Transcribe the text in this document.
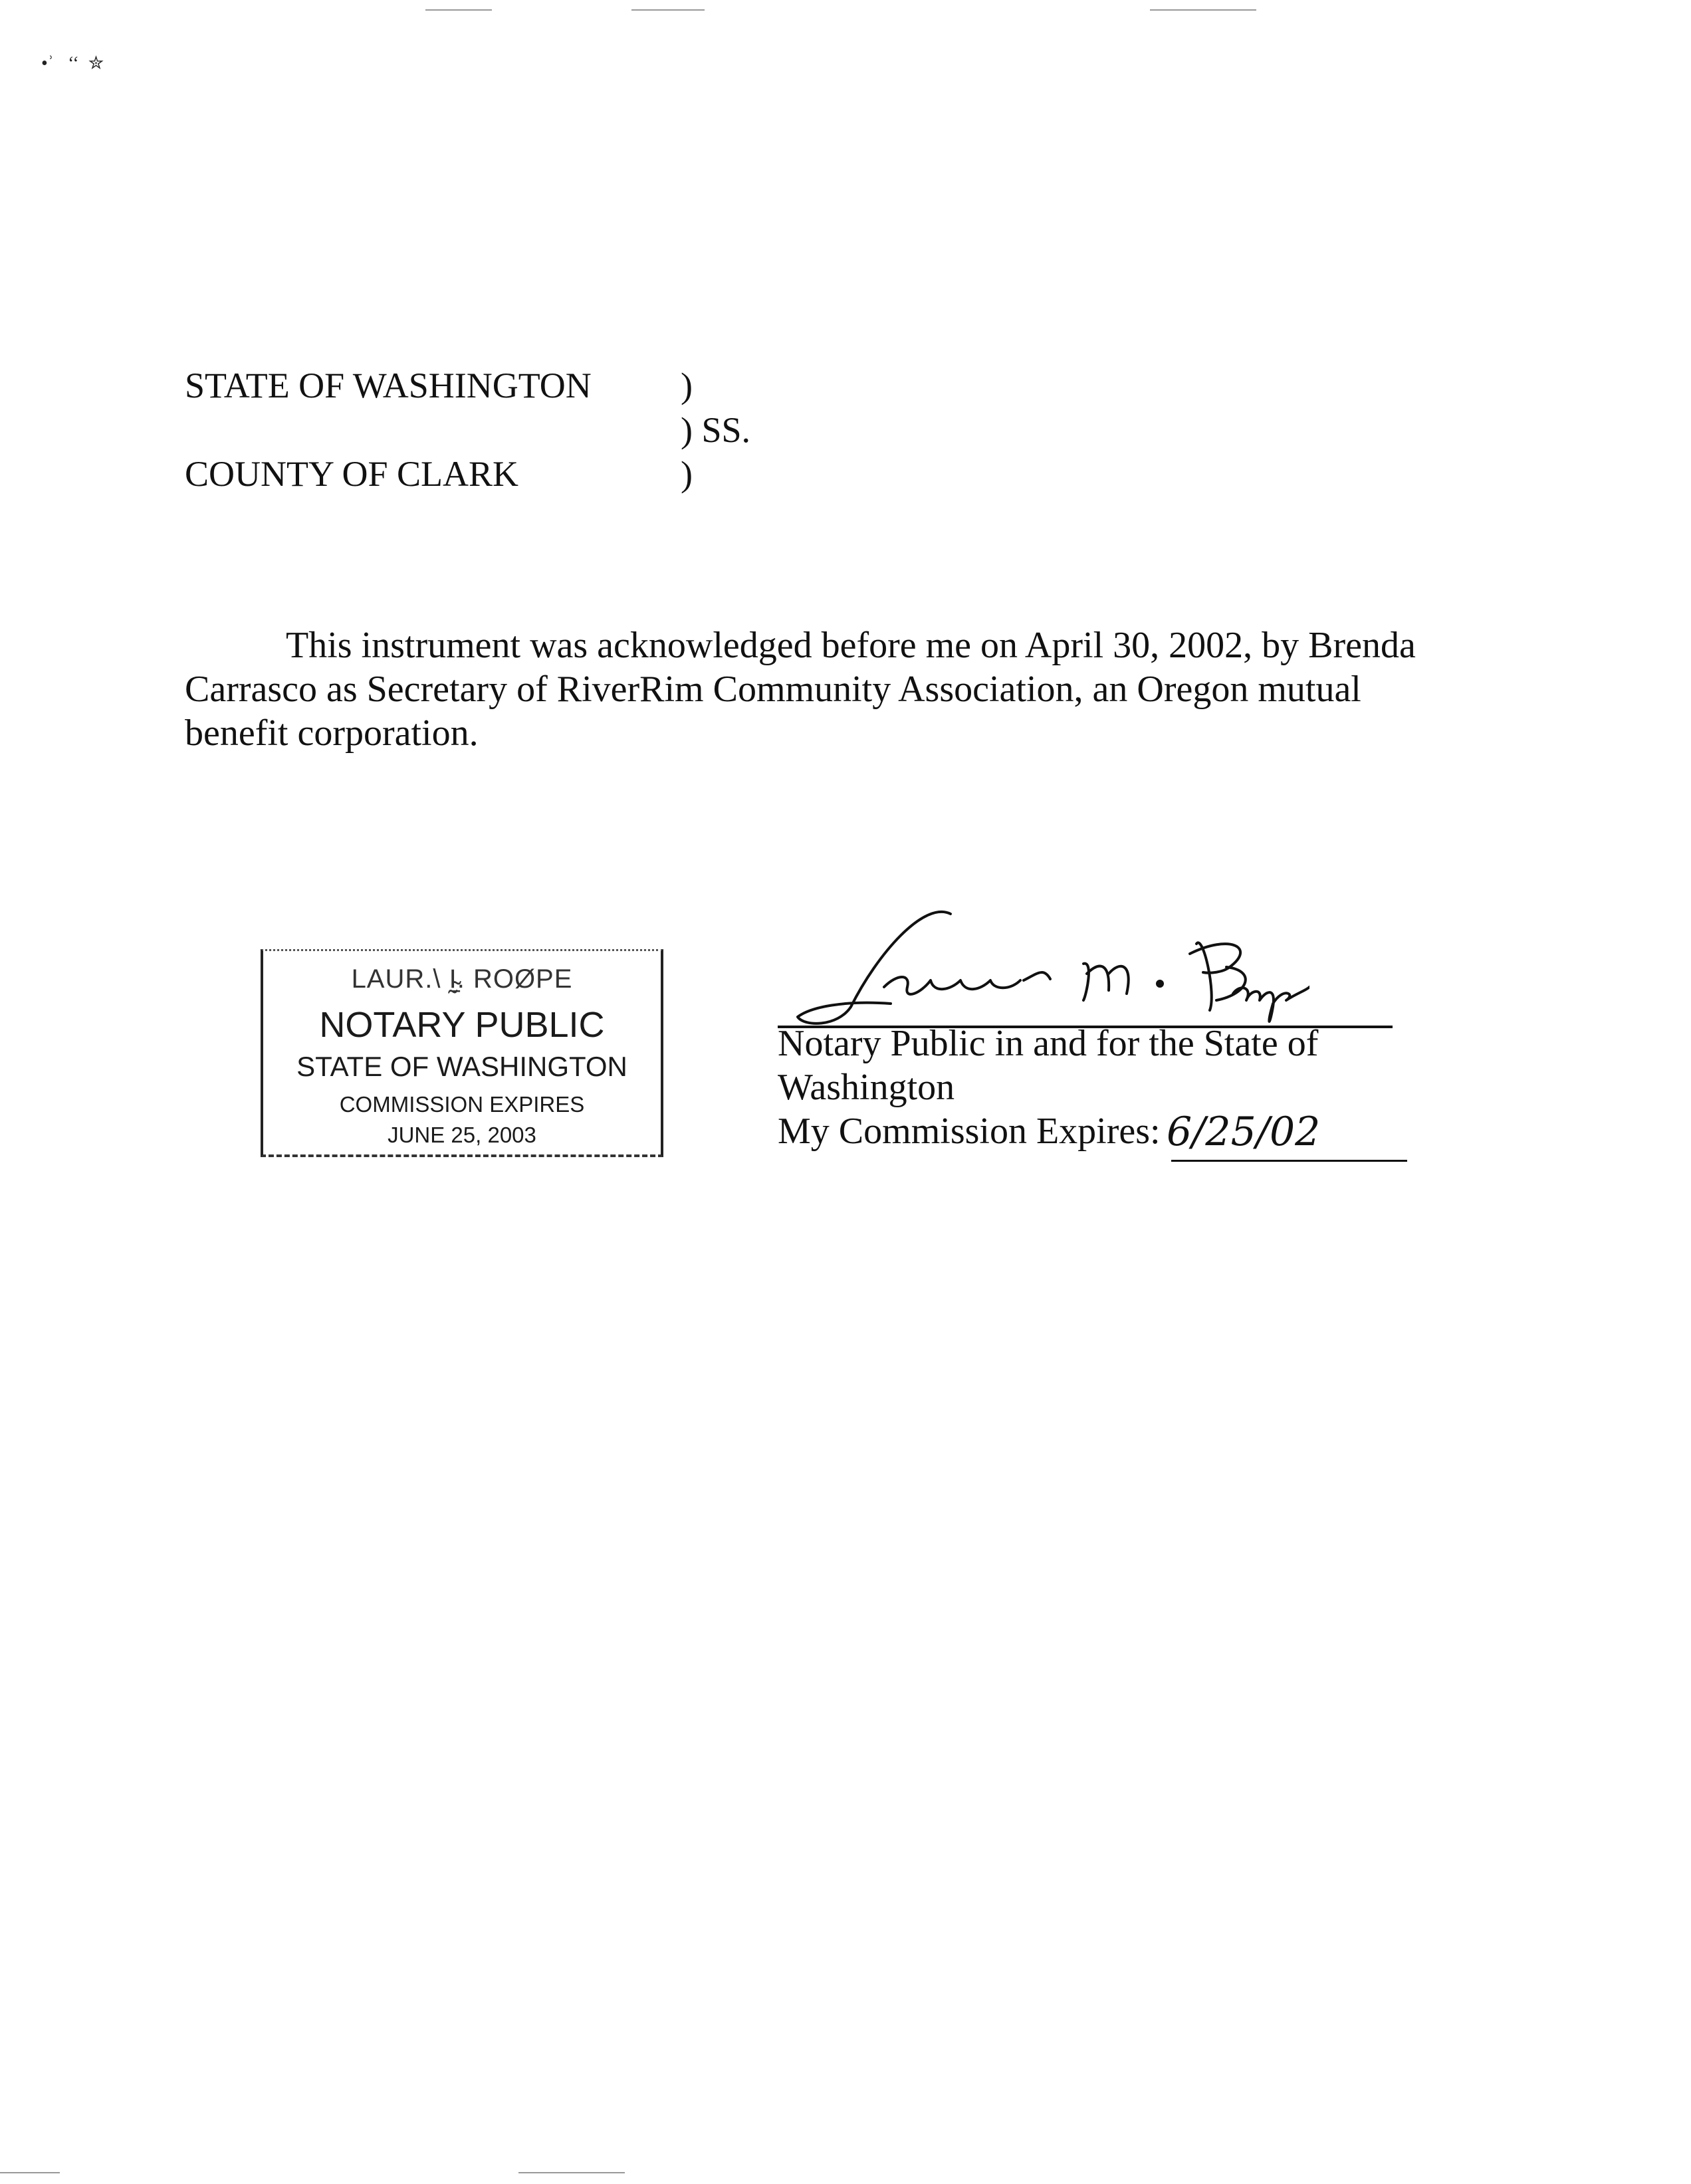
•ʾ   ‘‘  ✮
STATE OF WASHINGTON )
) SS.
COUNTY OF CLARK	)
This instrument was acknowledged before me on April 30, 2002, by Brenda
Carrasco as Secretary of RiverRim Community Association, an Oregon mutual
benefit corporation.
LAUR.\ Ḭ̴̱. ROØPE
NOTARY PUBLIC
STATE OF WASHINGTON
COMMISSION EXPIRES
JUNE 25, 2003
Notary Public in and for the State of
Washington
My Commission Expires: 6/25/02
